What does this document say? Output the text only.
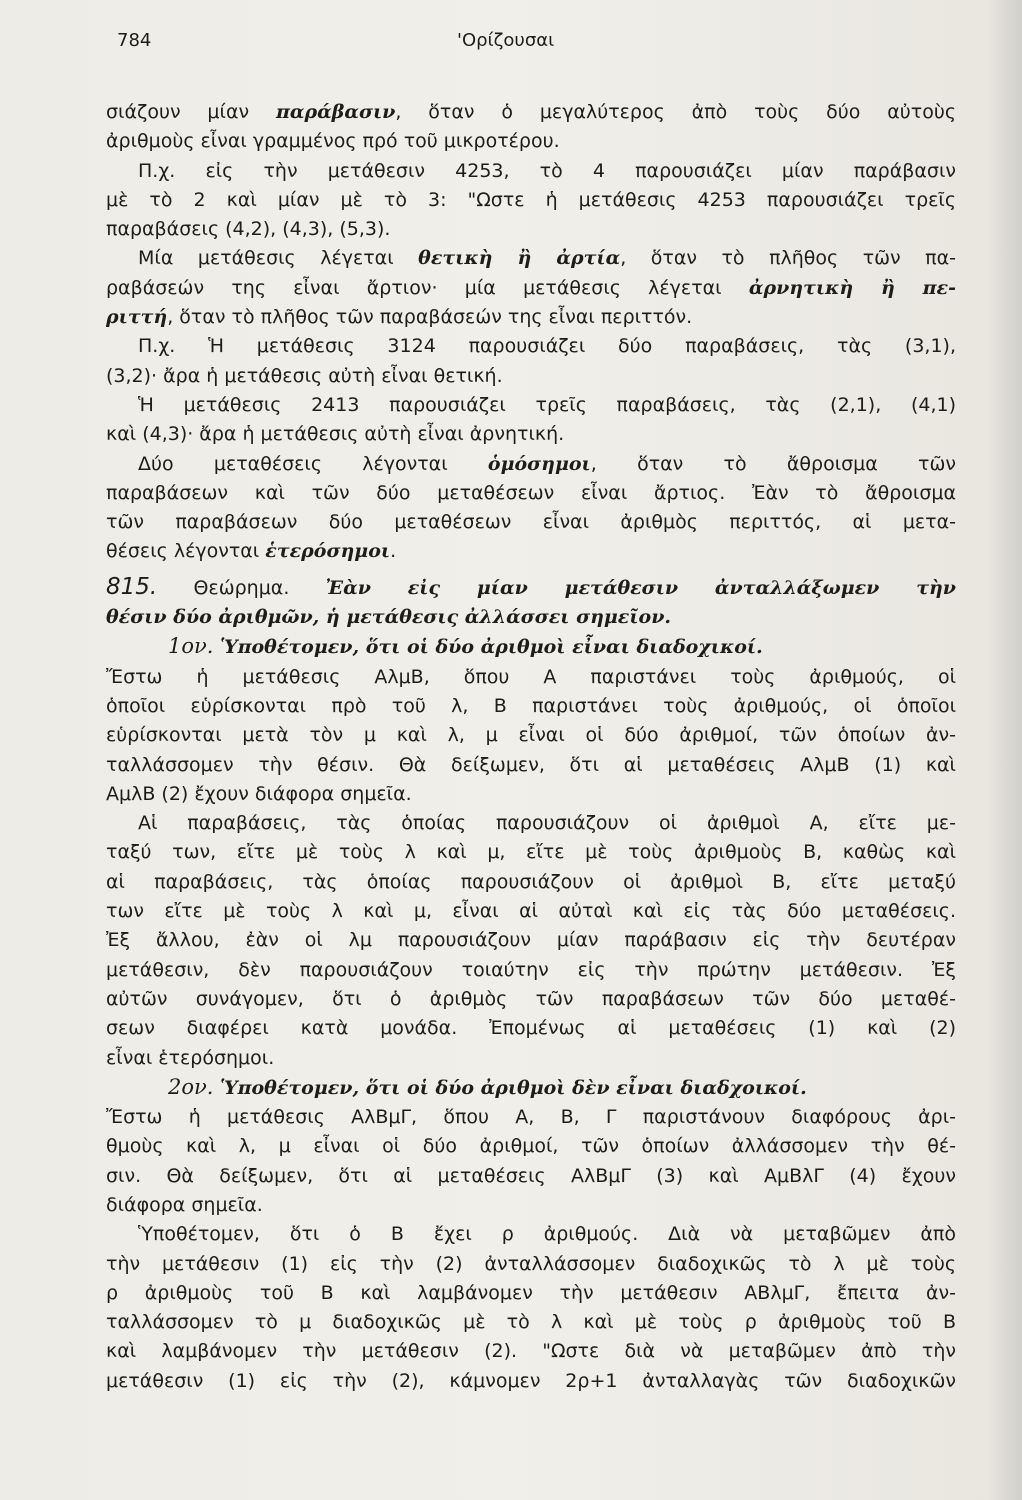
784	'Ορίζουσαι
σιάζουν μίαν παράβασιν, ὅταν ὁ μεγαλύτερος ἀπὸ τοὺς δύο αὐτοὺς
ἀριθμοὺς εἶναι γραμμένος πρό τοῦ μικροτέρου.
Π.χ. εἰς τὴν μετάθεσιν 4253, τὸ 4 παρουσιάζει μίαν παράβασιν
μὲ τὸ 2 καὶ μίαν μὲ τὸ 3: "Ωστε ἡ μετάθεσις 4253 παρουσιάζει τρεῖς
παραβάσεις (4,2), (4,3), (5,3).
Μία μετάθεσις λέγεται θετικὴ ἢ ἀρτία, ὅταν τὸ πλῆθος τῶν πα-
ραβάσεών της εἶναι ἄρτιον· μία μετάθεσις λέγεται ἀρνητικὴ ἢ πε-
ριττή, ὅταν τὸ πλῆθος τῶν παραβάσεών της εἶναι περιττόν.
Π.χ. Ἡ μετάθεσις 3124 παρουσιάζει δύο παραβάσεις, τὰς (3,1),
(3,2)· ἄρα ἡ μετάθεσις αὐτὴ εἶναι θετική.
Ἡ μετάθεσις 2413 παρουσιάζει τρεῖς παραβάσεις, τὰς (2,1), (4,1)
καὶ (4,3)· ἄρα ἡ μετάθεσις αὐτὴ εἶναι ἀρνητική.
Δύο μεταθέσεις λέγονται ὁμόσημοι, ὅταν τὸ ἄθροισμα τῶν
παραβάσεων καὶ τῶν δύο μεταθέσεων εἶναι ἄρτιος. Ἐὰν τὸ ἄθροισμα
τῶν παραβάσεων δύο μεταθέσεων εἶναι ἀριθμὸς περιττός, αἱ μετα-
θέσεις λέγονται ἑτερόσημοι.
815. Θεώρημα. Ἐὰν εἰς μίαν μετάθεσιν ἀνταλλάξωμεν τὴν
θέσιν δύο ἀριθμῶν, ἡ μετάθεσις ἀλλάσσει σημεῖον.
1ον. Ὑποθέτομεν, ὅτι οἱ δύο ἀριθμοὶ εἶναι διαδοχικοί.
Ἔστω ἡ μετάθεσις ΑλμΒ, ὅπου Α παριστάνει τοὺς ἀριθμούς, οἱ
ὁποῖοι εὑρίσκονται πρὸ τοῦ λ, Β παριστάνει τοὺς ἀριθμούς, οἱ ὁποῖοι
εὑρίσκονται μετὰ τὸν μ καὶ λ, μ εἶναι οἱ δύο ἀριθμοί, τῶν ὁποίων ἀν-
ταλλάσσομεν τὴν θέσιν. Θὰ δείξωμεν, ὅτι αἱ μεταθέσεις ΑλμΒ (1) καὶ
ΑμλΒ (2) ἔχουν διάφορα σημεῖα.
Αἱ παραβάσεις, τὰς ὁποίας παρουσιάζουν οἱ ἀριθμοὶ Α, εἴτε με-
ταξύ των, εἴτε μὲ τοὺς λ καὶ μ, εἴτε μὲ τοὺς ἀριθμοὺς Β, καθὼς καὶ
αἱ παραβάσεις, τὰς ὁποίας παρουσιάζουν οἱ ἀριθμοὶ Β, εἴτε μεταξύ
των εἴτε μὲ τοὺς λ καὶ μ, εἶναι αἱ αὐταὶ καὶ εἰς τὰς δύο μεταθέσεις.
Ἐξ ἄλλου, ἐὰν οἱ λμ παρουσιάζουν μίαν παράβασιν εἰς τὴν δευτέραν
μετάθεσιν, δὲν παρουσιάζουν τοιαύτην εἰς τὴν πρώτην μετάθεσιν. Ἐξ
αὐτῶν συνάγομεν, ὅτι ὁ ἀριθμὸς τῶν παραβάσεων τῶν δύο μεταθέ-
σεων διαφέρει κατὰ μονάδα. Ἐπομένως αἱ μεταθέσεις (1) καὶ (2)
εἶναι ἑτερόσημοι.
2ον. Ὑποθέτομεν, ὅτι οἱ δύο ἀριθμοὶ δὲν εἶναι διαδχοικοί.
Ἔστω ἡ μετάθεσις ΑλΒμΓ, ὅπου Α, Β, Γ παριστάνουν διαφόρους ἀρι-
θμοὺς καὶ λ, μ εἶναι οἱ δύο ἀριθμοί, τῶν ὁποίων ἀλλάσσομεν τὴν θέ-
σιν. Θὰ δείξωμεν, ὅτι αἱ μεταθέσεις ΑλΒμΓ (3) καὶ ΑμΒλΓ (4) ἔχουν
διάφορα σημεῖα.
Ὑποθέτομεν, ὅτι ὁ Β ἔχει ρ ἀριθμούς. Διὰ νὰ μεταβῶμεν ἀπὸ
τὴν μετάθεσιν (1) εἰς τὴν (2) ἀνταλλάσσομεν διαδοχικῶς τὸ λ μὲ τοὺς
ρ ἀριθμοὺς τοῦ Β καὶ λαμβάνομεν τὴν μετάθεσιν ΑΒλμΓ, ἔπειτα ἀν-
ταλλάσσομεν τὸ μ διαδοχικῶς μὲ τὸ λ καὶ μὲ τοὺς ρ ἀριθμοὺς τοῦ Β
καὶ λαμβάνομεν τὴν μετάθεσιν (2). "Ωστε διὰ νὰ μεταβῶμεν ἀπὸ τὴν
μετάθεσιν (1) εἰς τὴν (2), κάμνομεν 2ρ+1 ἀνταλλαγὰς τῶν διαδοχικῶν
